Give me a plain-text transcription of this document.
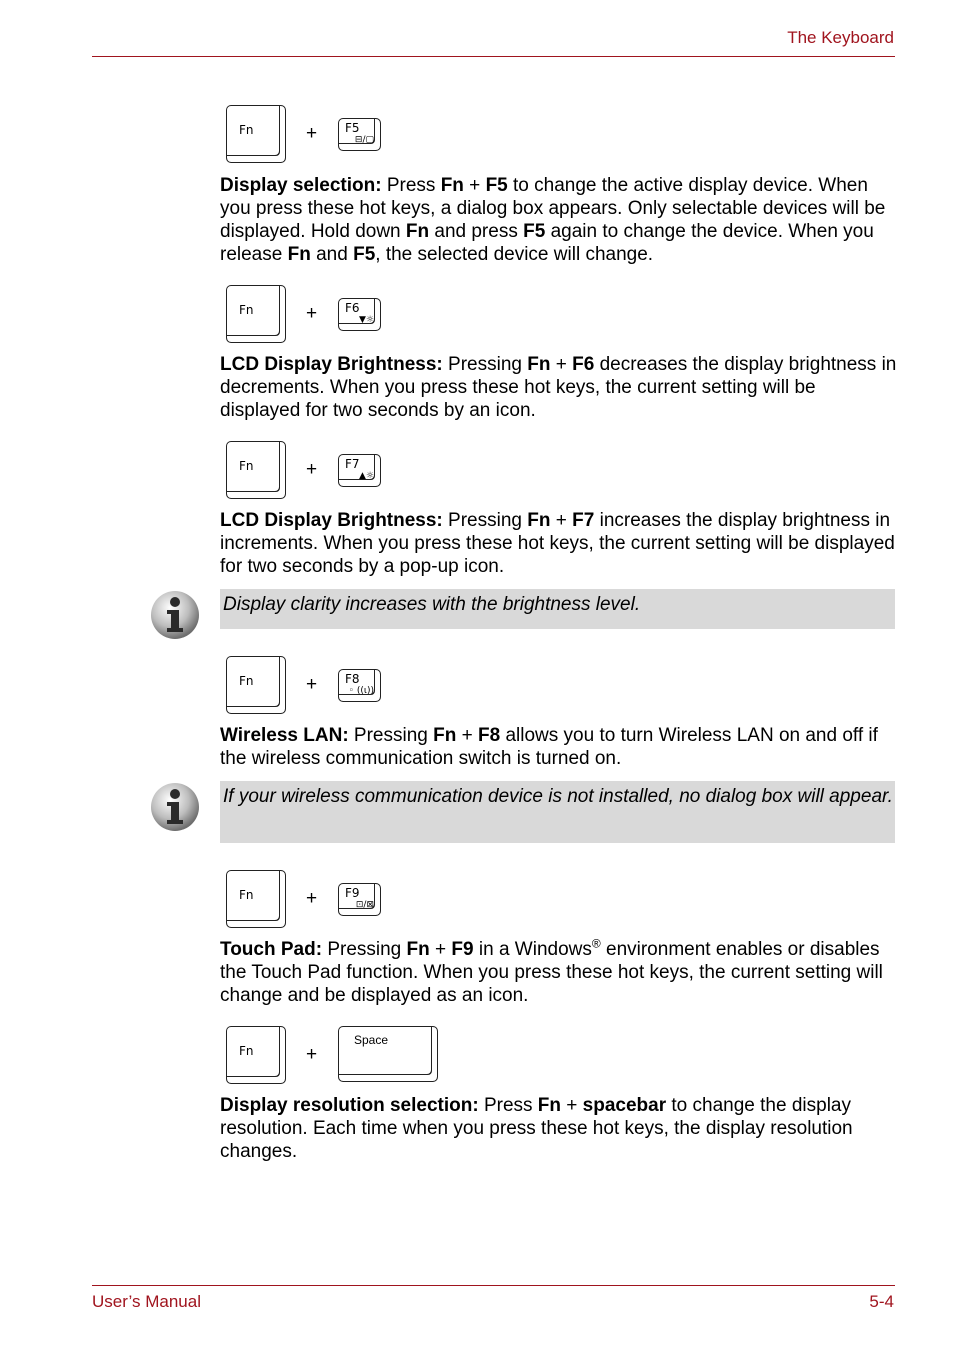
The Keyboard
Fn	+ F5
⊟/▢

Display selection: Press Fn + F5 to change the active display device. When you press these hot keys, a dialog box appears. Only selectable devices will be displayed. Hold down Fn and press F5 again to change the device. When you release Fn and F5, the selected device will change.

Fn	+ F6
▼☼

LCD Display Brightness: Pressing Fn + F6 decreases the display brightness in decrements. When you press these hot keys, the current setting will be displayed for two seconds by an icon.

Fn	+ F7
▲☼

LCD Display Brightness: Pressing Fn + F7 increases the display brightness in increments. When you press these hot keys, the current setting will be displayed for two seconds by a pop-up icon.

Display clarity increases with the brightness level.

Fn	+ F8
◦ ((ι))

Wireless LAN: Pressing Fn + F8 allows you to turn Wireless LAN on and off if the wireless communication switch is turned on.

If your wireless communication device is not installed, no dialog box will appear.

Fn	+ F9
⊡/⊠

Touch Pad: Pressing Fn + F9 in a Windows® environment enables or disables the Touch Pad function. When you press these hot keys, the current setting will change and be displayed as an icon.

Fn	+
Space

Display resolution selection: Press Fn + spacebar to change the display resolution. Each time when you press these hot keys, the display resolution changes.

User’s Manual	5-4
